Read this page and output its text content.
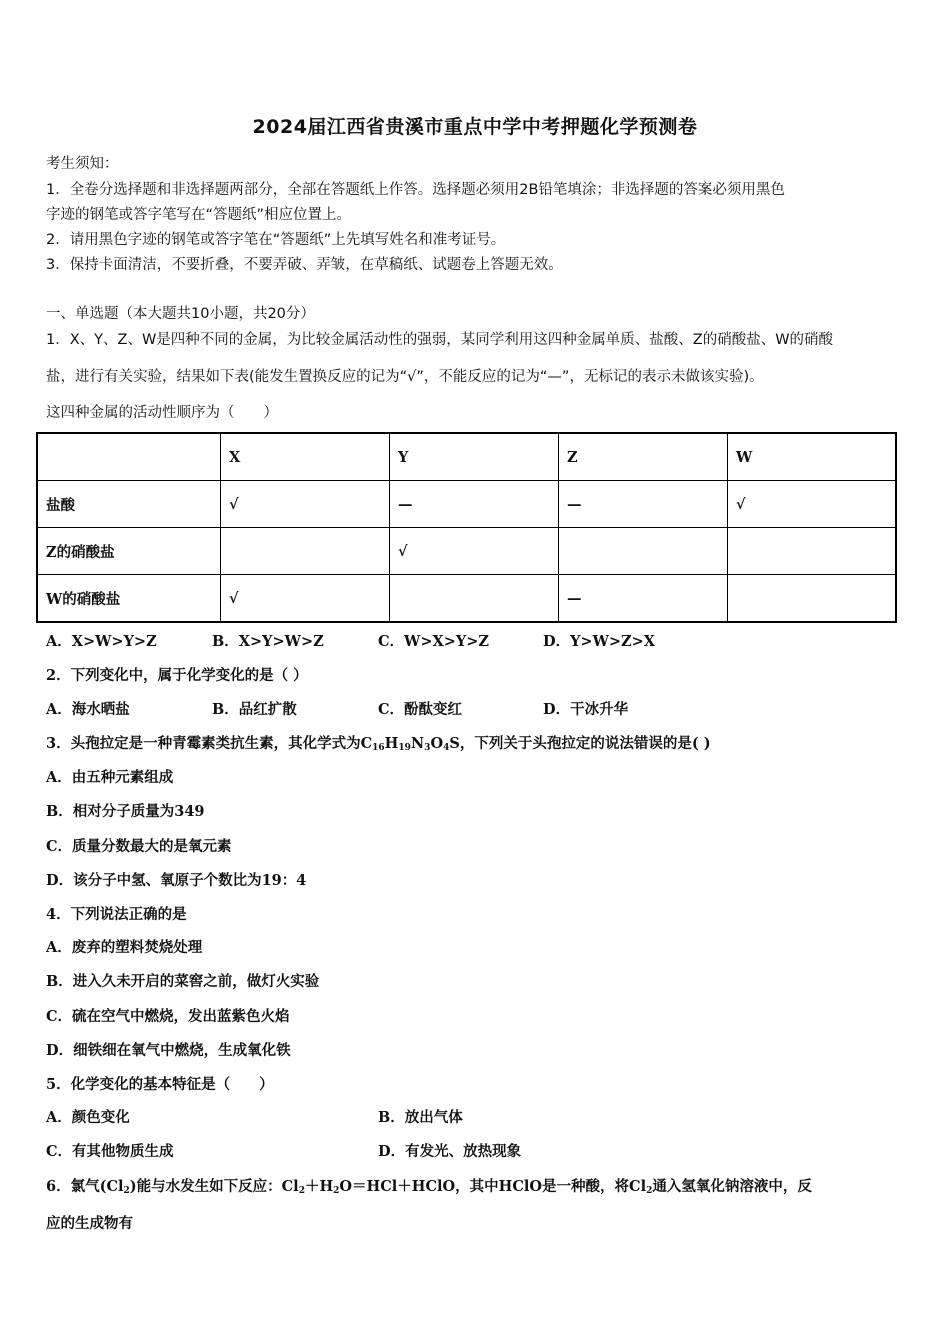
2024届江西省贵溪市重点中学中考押题化学预测卷
考生须知：
1．全卷分选择题和非选择题两部分，全部在答题纸上作答。选择题必须用2B铅笔填涂；非选择题的答案必须用黑色
字迹的钢笔或答字笔写在“答题纸”相应位置上。
2．请用黑色字迹的钢笔或答字笔在“答题纸”上先填写姓名和准考证号。
3．保持卡面清洁，不要折叠，不要弄破、弄皱，在草稿纸、试题卷上答题无效。
一、单选题（本大题共10小题，共20分）
1．X、Y、Z、W是四种不同的金属，为比较金属活动性的强弱，某同学利用这四种金属单质、盐酸、Z的硝酸盐、W的硝酸
盐，进行有关实验，结果如下表(能发生置换反应的记为“√”，不能反应的记为“—”，无标记的表示未做该实验)。
这四种金属的活动性顺序为（　　）
	X	Y	Z	W
盐酸	√	—	—	√
Z的硝酸盐		√		
W的硝酸盐	√		—	
A．X>W>Y>Z	B．X>Y>W>Z	C．W>X>Y>Z	D．Y>W>Z>X
2．下列变化中，属于化学变化的是（ ）
A．海水晒盐	B．品红扩散	C．酚酞变红	D．干冰升华
3．头孢拉定是一种青霉素类抗生素，其化学式为$C_{16}H_{19}N_3O_4S$，下列关于头孢拉定的说法错误的是( )
A．由五种元素组成
B．相对分子质量为349
C．质量分数最大的是氧元素
D．该分子中氢、氧原子个数比为19：4
4．下列说法正确的是
A．废弃的塑料焚烧处理
B．进入久未开启的菜窖之前，做灯火实验
C．硫在空气中燃烧，发出蓝紫色火焰
D．细铁细在氧气中燃烧，生成氧化铁
5．化学变化的基本特征是（　　）
A．颜色变化	B．放出气体
C．有其他物质生成	D．有发光、放热现象
6．氯气$(Cl_2)$能与水发生如下反应：$Cl_2+H_2O=HCl+HClO$，其中HClO是一种酸，将$Cl_2$通入氢氧化钠溶液中，反
应的生成物有
